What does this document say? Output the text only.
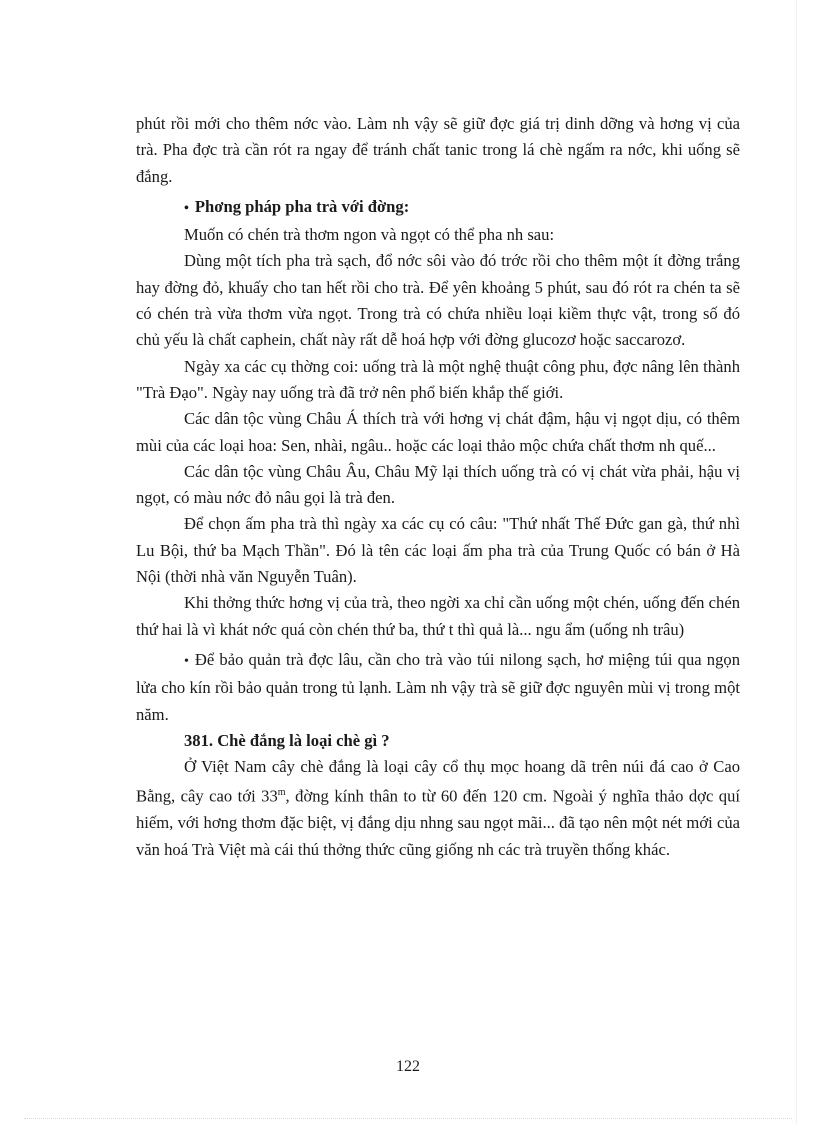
phút rồi mới cho thêm nớc vào. Làm nh vậy sẽ giữ đợc giá trị dinh dỡng và hơng vị của trà. Pha đợc trà cần rót ra ngay để tránh chất tanic trong lá chè ngấm ra nớc, khi uống sẽ đắng.

• Phơng pháp pha trà với đờng:

Muốn có chén trà thơm ngon và ngọt có thể pha nh sau:

Dùng một tích pha trà sạch, đổ nớc sôi vào đó trớc rồi cho thêm một ít đờng trắng hay đờng đỏ, khuấy cho tan hết rồi cho trà. Để yên khoảng 5 phút, sau đó rót ra chén ta sẽ có chén trà vừa thơm vừa ngọt. Trong trà có chứa nhiều loại kiềm thực vật, trong số đó chủ yếu là chất caphein, chất này rất dễ hoá hợp với đờng glucozơ hoặc saccarozơ.

Ngày xa các cụ thờng coi: uống trà là một nghệ thuật công phu, đợc nâng lên thành "Trà Đạo". Ngày nay uống trà đã trở nên phổ biến khắp thế giới.

Các dân tộc vùng Châu Á thích trà với hơng vị chát đậm, hậu vị ngọt dịu, có thêm mùi của các loại hoa: Sen, nhài, ngâu.. hoặc các loại thảo mộc chứa chất thơm nh quế...

Các dân tộc vùng Châu Âu, Châu Mỹ lại thích uống trà có vị chát vừa phải, hậu vị ngọt, có màu nớc đỏ nâu gọi là trà đen.

Để chọn ấm pha trà thì ngày xa các cụ có câu: "Thứ nhất Thế Đức gan gà, thứ nhì Lu Bội, thứ ba Mạch Thần". Đó là tên các loại ấm pha trà của Trung Quốc có bán ở Hà Nội (thời nhà văn Nguyễn Tuân).

Khi thởng thức hơng vị của trà, theo ngời xa chỉ cần uống một chén, uống đến chén thứ hai là vì khát nớc quá còn chén thứ ba, thứ t thì quả là... ngu ẩm (uống nh trâu)

• Để bảo quản trà đợc lâu, cần cho trà vào túi nilong sạch, hơ miệng túi qua ngọn lửa cho kín rồi bảo quản trong tủ lạnh. Làm nh vậy trà sẽ giữ đợc nguyên mùi vị trong một năm.

381. Chè đắng là loại chè gì ?

Ở Việt Nam cây chè đắng là loại cây cổ thụ mọc hoang dã trên núi đá cao ở Cao Bằng, cây cao tới 33$^m$, đờng kính thân to từ 60 đến 120 cm. Ngoài ý nghĩa thảo dợc quí hiếm, với hơng thơm đặc biệt, vị đắng dịu nhng sau ngọt mãi... đã tạo nên một nét mới của văn hoá Trà Việt mà cái thú thởng thức cũng giống nh các trà truyền thống khác.

122
